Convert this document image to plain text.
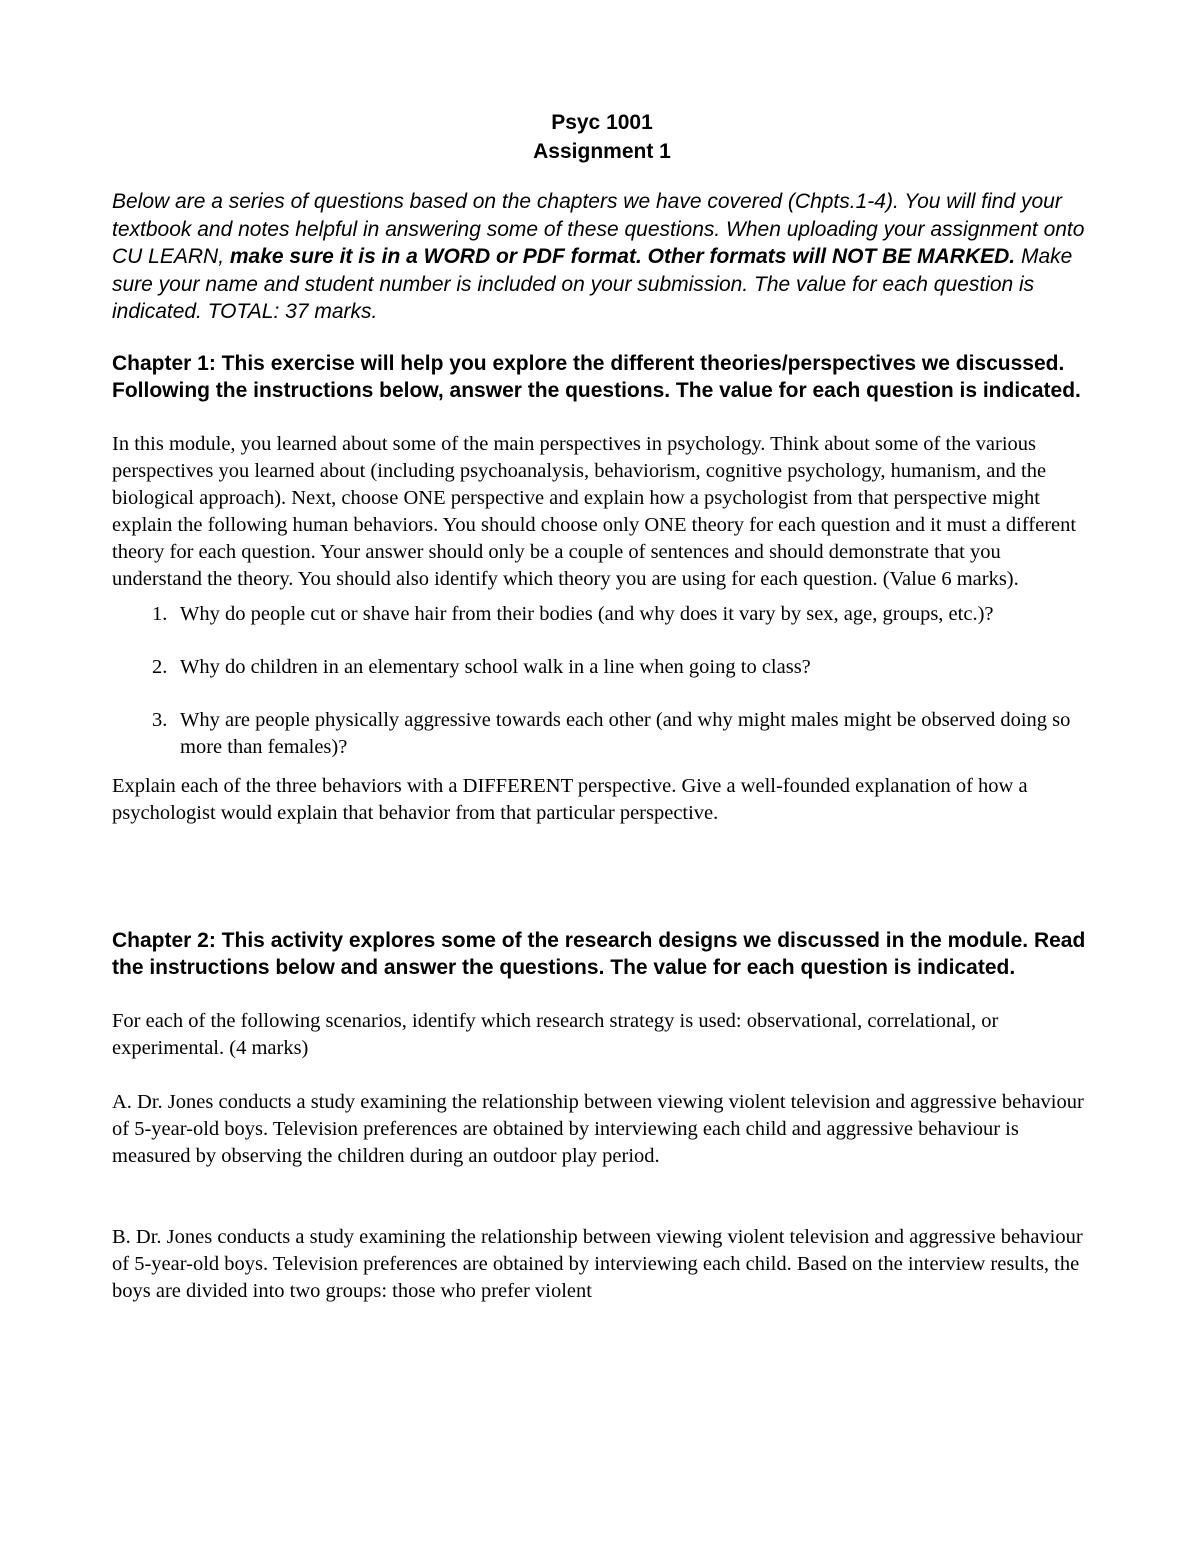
Psyc 1001

Assignment 1

Below are a series of questions based on the chapters we have covered (Chpts.1-4). You will find your textbook and notes helpful in answering some of these questions. When uploading your assignment onto CU LEARN, make sure it is in a WORD or PDF format. Other formats will NOT BE MARKED. Make sure your name and student number is included on your submission. The value for each question is indicated. TOTAL: 37 marks.

Chapter 1: This exercise will help you explore the different theories/perspectives we discussed. Following the instructions below, answer the questions. The value for each question is indicated.

In this module, you learned about some of the main perspectives in psychology. Think about some of the various perspectives you learned about (including psychoanalysis, behaviorism, cognitive psychology, humanism, and the biological approach). Next, choose ONE perspective and explain how a psychologist from that perspective might explain the following human behaviors. You should choose only ONE theory for each question and it must a different theory for each question. Your answer should only be a couple of sentences and should demonstrate that you understand the theory. You should also identify which theory you are using for each question. (Value 6 marks).

1. Why do people cut or shave hair from their bodies (and why does it vary by sex, age, groups, etc.)?
2. Why do children in an elementary school walk in a line when going to class?
3. Why are people physically aggressive towards each other (and why might males might be observed doing so more than females)?

Explain each of the three behaviors with a DIFFERENT perspective. Give a well-founded explanation of how a psychologist would explain that behavior from that particular perspective.

Chapter 2: This activity explores some of the research designs we discussed in the module. Read the instructions below and answer the questions. The value for each question is indicated.

For each of the following scenarios, identify which research strategy is used: observational, correlational, or experimental. (4 marks)

A. Dr. Jones conducts a study examining the relationship between viewing violent television and aggressive behaviour of 5-year-old boys. Television preferences are obtained by interviewing each child and aggressive behaviour is measured by observing the children during an outdoor play period.

B. Dr. Jones conducts a study examining the relationship between viewing violent television and aggressive behaviour of 5-year-old boys. Television preferences are obtained by interviewing each child. Based on the interview results, the boys are divided into two groups: those who prefer violent
